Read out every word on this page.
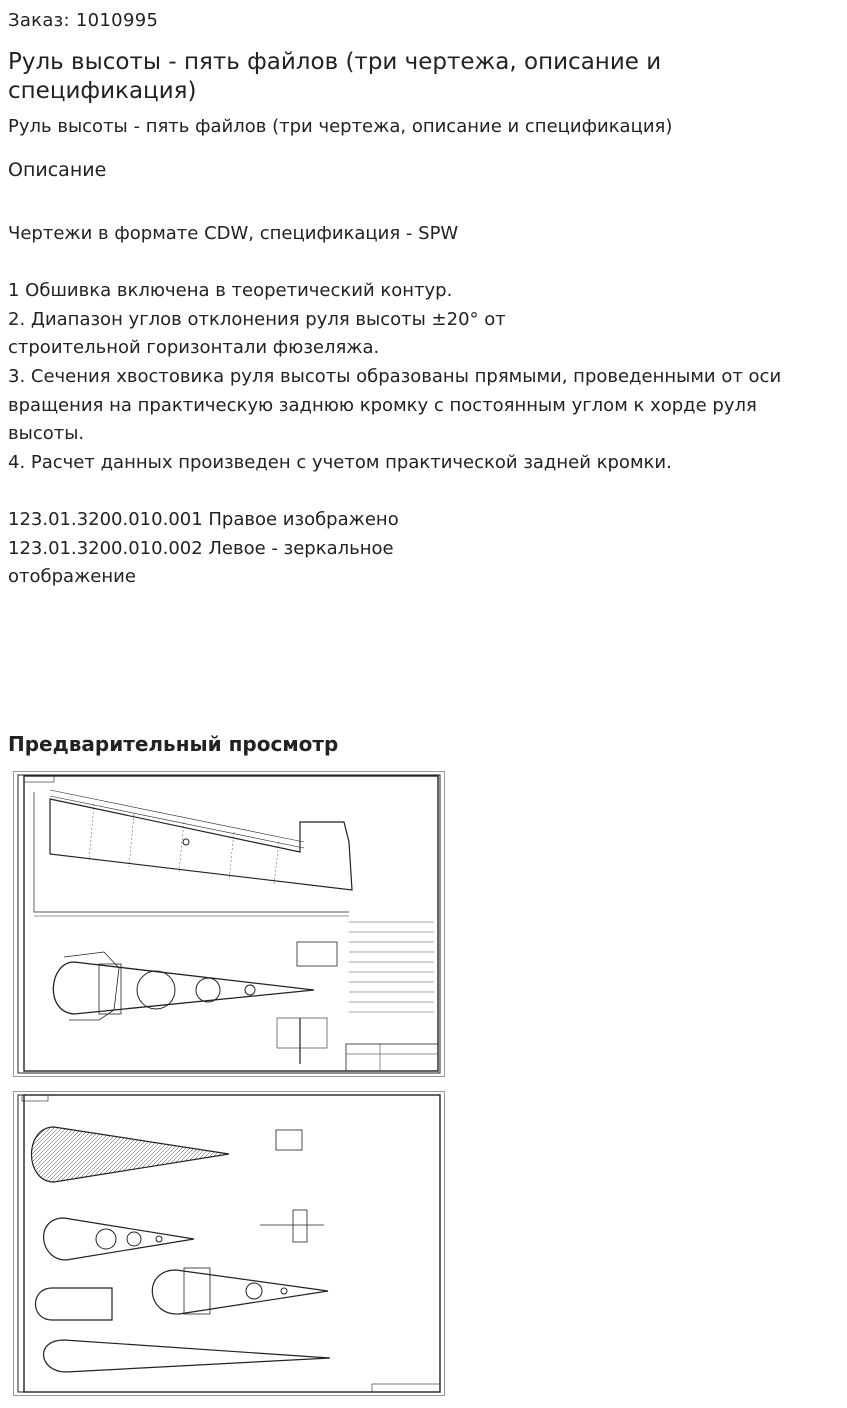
Заказ: 1010995
Руль высоты - пять файлов (три чертежа, описание и спецификация)
Руль высоты - пять файлов (три чертежа, описание и спецификация)
Описание

Чертежи в формате CDW, спецификация - SPW

1 Обшивка включена в теоретический контур.

2. Диапазон углов отклонения руля высоты ±20° от

строительной горизонтали фюзеляжа.

3. Сечения хвостовика руля высоты образованы прямыми, проведенными от оси вращения на практическую заднюю кромку с постоянным углом к хорде руля высоты.

4. Расчет данных произведен с учетом практической задней кромки.

123.01.3200.010.001 Правое изображено

123.01.3200.010.002 Левое - зеркальное

отображение

Предварительный просмотр
